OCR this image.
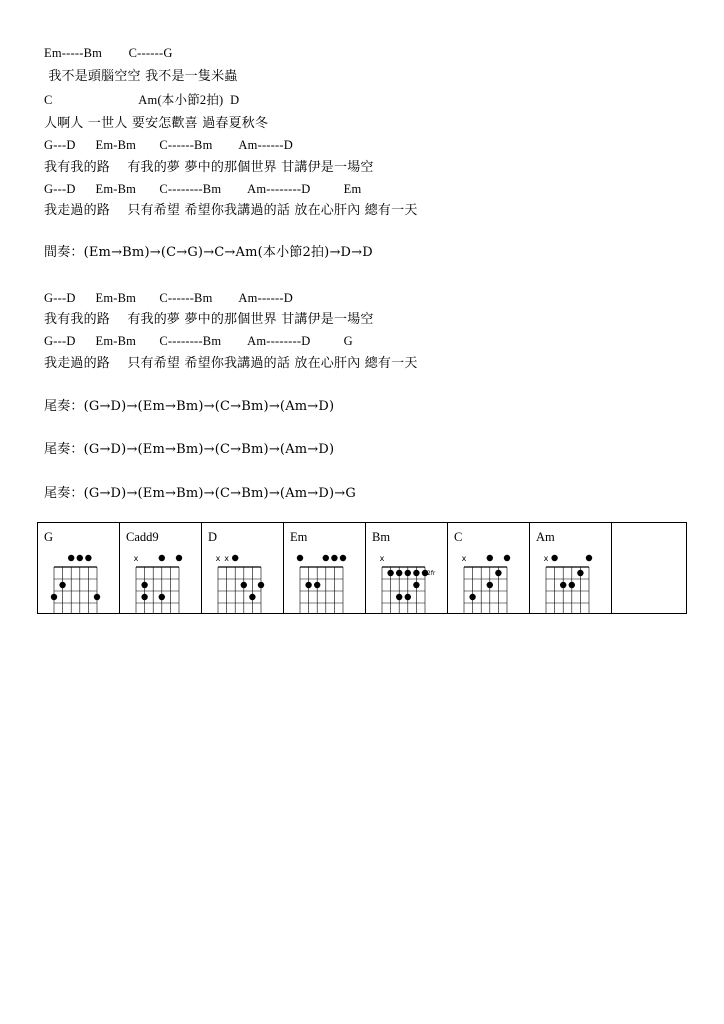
Em-----Bm        C------G
我不是頭腦空空 我不是一隻米蟲
C                          Am(本小節2拍)  D
人啊人 一世人 要安怎歡喜 過春夏秋冬
G---D      Em-Bm       C------Bm        Am------D
我有我的路    有我的夢 夢中的那個世界 甘講伊是一場空
G---D      Em-Bm       C--------Bm        Am--------D          Em
我走過的路    只有希望 希望你我講過的話 放在心肝內 總有一天
間奏：(Em→Bm)→(C→G)→C→Am(本小節2拍)→D→D
G---D      Em-Bm       C------Bm        Am------D
我有我的路    有我的夢 夢中的那個世界 甘講伊是一場空
G---D      Em-Bm       C--------Bm        Am--------D          G
我走過的路    只有希望 希望你我講過的話 放在心肝內 總有一天
尾奏：(G→D)→(Em→Bm)→(C→Bm)→(Am→D)
尾奏：(G→D)→(Em→Bm)→(C→Bm)→(Am→D)
尾奏：(G→D)→(Em→Bm)→(C→Bm)→(Am→D)→G
G	Cadd9
x
D
x x
Em	Bm
x
2fr
C
x
Am
x
